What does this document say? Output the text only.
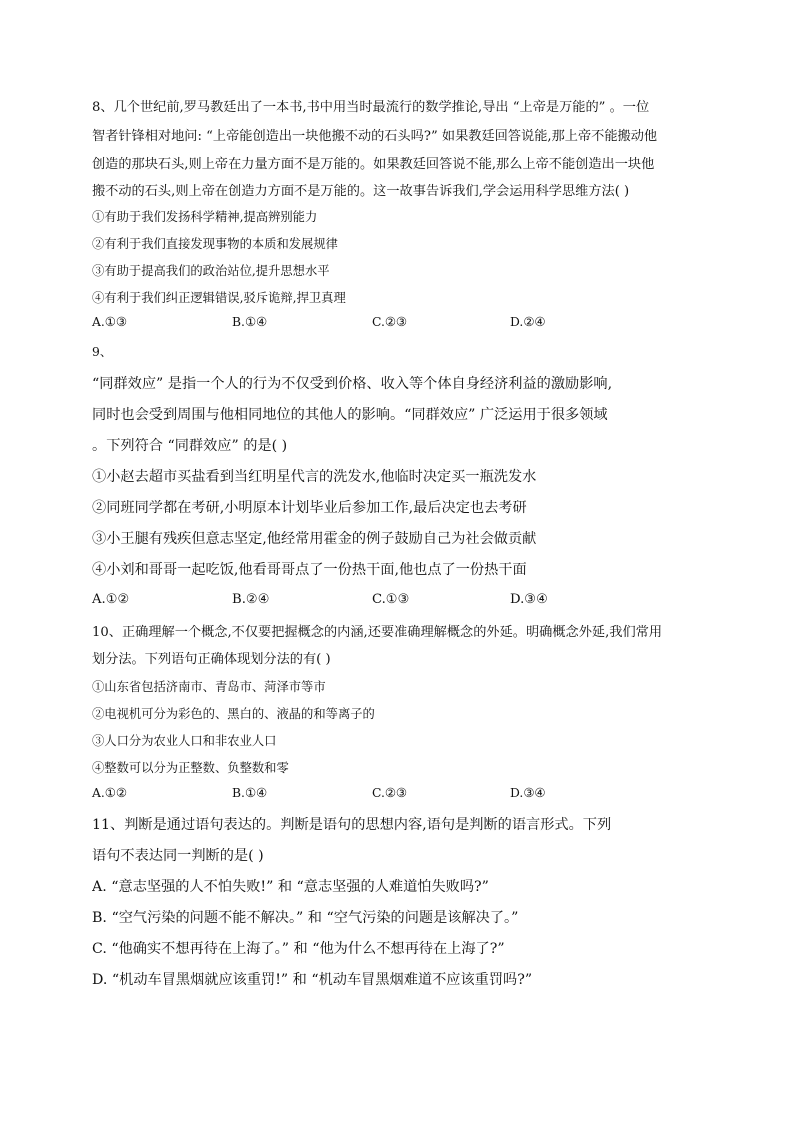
8、几个世纪前,罗马教廷出了一本书,书中用当时最流行的数学推论,导出 “上帝是万能的” 。一位
智者针锋相对地问: “上帝能创造出一块他搬不动的石头吗?” 如果教廷回答说能,那上帝不能搬动他
创造的那块石头,则上帝在力量方面不是万能的。如果教廷回答说不能,那么上帝不能创造出一块他
搬不动的石头,则上帝在创造力方面不是万能的。这一故事告诉我们,学会运用科学思维方法( )
①有助于我们发扬科学精神,提高辨别能力
②有利于我们直接发现事物的本质和发展规律
③有助于提高我们的政治站位,提升思想水平
④有利于我们纠正逻辑错误,驳斥诡辩,捍卫真理
A.①③	B.①④	C.②③	D.②④
9、
“同群效应” 是指一个人的行为不仅受到价格、收入等个体自身经济利益的激励影响,
同时也会受到周围与他相同地位的其他人的影响。“同群效应” 广泛运用于很多领域
。下列符合 “同群效应” 的是( )
①小赵去超市买盐看到当红明星代言的洗发水,他临时决定买一瓶洗发水
②同班同学都在考研,小明原本计划毕业后参加工作,最后决定也去考研
③小王腿有残疾但意志坚定,他经常用霍金的例子鼓励自己为社会做贡献
④小刘和哥哥一起吃饭,他看哥哥点了一份热干面,他也点了一份热干面
A.①②	B.②④	C.①③	D.③④
10、正确理解一个概念,不仅要把握概念的内涵,还要准确理解概念的外延。明确概念外延,我们常用
划分法。下列语句正确体现划分法的有( )
①山东省包括济南市、青岛市、菏泽市等市
②电视机可分为彩色的、黑白的、液晶的和等离子的
③人口分为农业人口和非农业人口
④整数可以分为正整数、负整数和零
A.①②	B.①④	C.②③	D.③④
11、判断是通过语句表达的。判断是语句的思想内容,语句是判断的语言形式。下列
语句不表达同一判断的是( )
A. “意志坚强的人不怕失败!” 和 “意志坚强的人难道怕失败吗?”
B. “空气污染的问题不能不解决。” 和 “空气污染的问题是该解决了。”
C. “他确实不想再待在上海了。” 和 “他为什么不想再待在上海了?”
D. “机动车冒黑烟就应该重罚!” 和 “机动车冒黑烟难道不应该重罚吗?”
